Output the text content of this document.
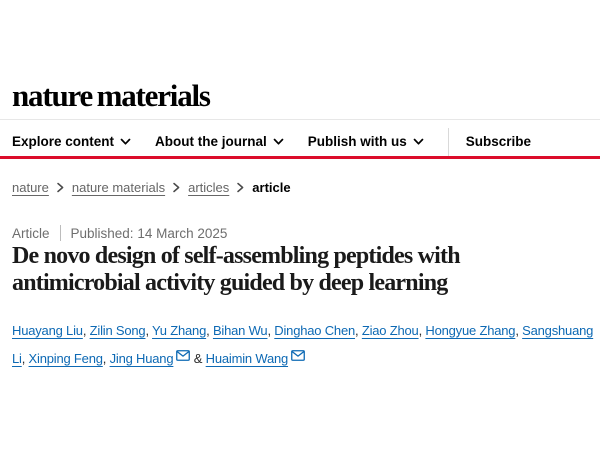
nature materials
Explore content	About the journal	Publish with us	Subscribe
nature nature materials articles article
Article Published: 14 March 2025
De novo design of self-assembling peptides with
antimicrobial activity guided by deep learning
Huayang Liu, Zilin Song, Yu Zhang, Bihan Wu, Dinghao Chen, Ziao Zhou, Hongyue Zhang, Sangshuang Li, Xinping Feng, Jing Huang & Huaimin Wang
